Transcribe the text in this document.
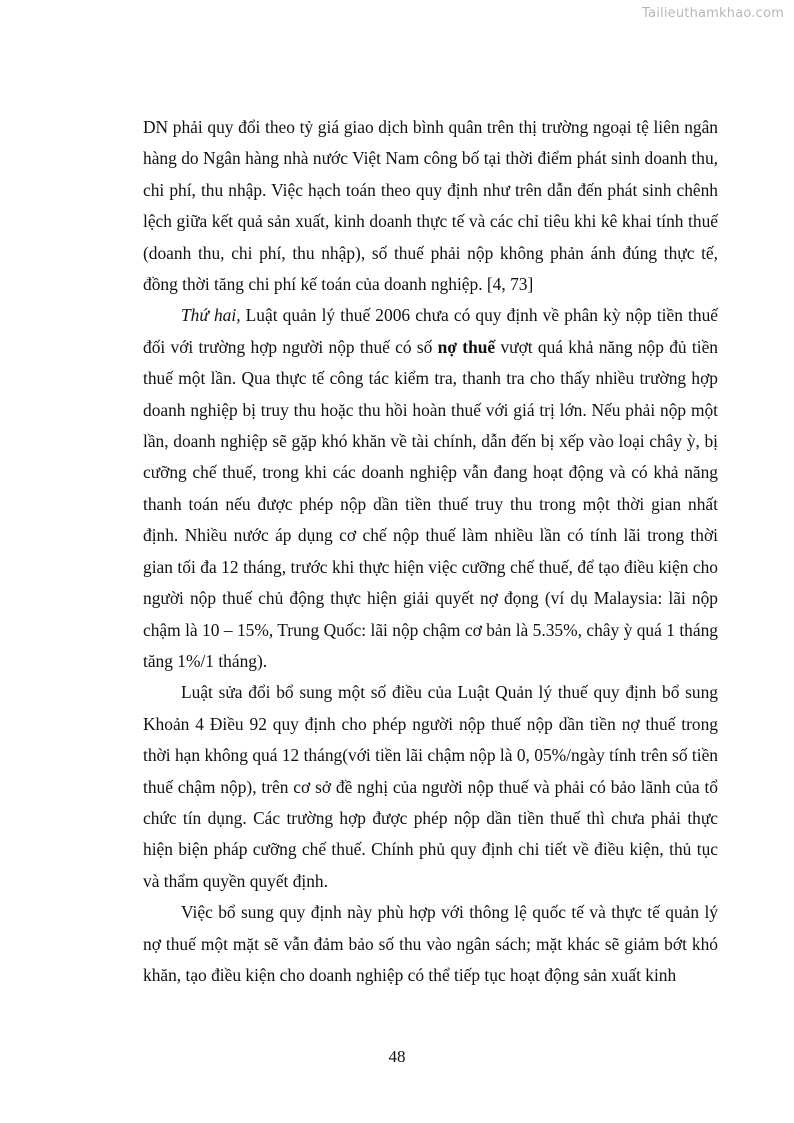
Tailieuthamkhao.com

DN phải quy đổi theo tỷ giá giao dịch bình quân trên thị trường ngoại tệ liên ngân hàng do Ngân hàng nhà nước Việt Nam công bố tại thời điểm phát sinh doanh thu, chi phí, thu nhập. Việc hạch toán theo quy định như trên dẫn đến phát sinh chênh lệch giữa kết quả sản xuất, kinh doanh thực tế và các chỉ tiêu khi kê khai tính thuế (doanh thu, chi phí, thu nhập), số thuế phải nộp không phản ánh đúng thực tế, đồng thời tăng chi phí kế toán của doanh nghiệp. [4, 73]

Thứ hai, Luật quản lý thuế 2006 chưa có quy định về phân kỳ nộp tiền thuế đối với trường hợp người nộp thuế có số nợ thuế vượt quá khả năng nộp đủ tiền thuế một lần. Qua thực tế công tác kiểm tra, thanh tra cho thấy nhiều trường hợp doanh nghiệp bị truy thu hoặc thu hồi hoàn thuế với giá trị lớn. Nếu phải nộp một lần, doanh nghiệp sẽ gặp khó khăn về tài chính, dẫn đến bị xếp vào loại chây ỳ, bị cưỡng chế thuế, trong khi các doanh nghiệp vẫn đang hoạt động và có khả năng thanh toán nếu được phép nộp dần tiền thuế truy thu trong một thời gian nhất định. Nhiều nước áp dụng cơ chế nộp thuế làm nhiều lần có tính lãi trong thời gian tối đa 12 tháng, trước khi thực hiện việc cưỡng chế thuế, để tạo điều kiện cho người nộp thuế chủ động thực hiện giải quyết nợ đọng (ví dụ Malaysia: lãi nộp chậm là 10 – 15%, Trung Quốc: lãi nộp chậm cơ bản là 5.35%, chây ỳ quá 1 tháng tăng 1%/1 tháng).

Luật sửa đổi bổ sung một số điều của Luật Quản lý thuế quy định bổ sung Khoản 4 Điều 92 quy định cho phép người nộp thuế nộp dần tiền nợ thuế trong thời hạn không quá 12 tháng(với tiền lãi chậm nộp là 0, 05%/ngày tính trên số tiền thuế chậm nộp), trên cơ sở đề nghị của người nộp thuế và phải có bảo lãnh của tổ chức tín dụng. Các trường hợp được phép nộp dần tiền thuế thì chưa phải thực hiện biện pháp cưỡng chế thuế. Chính phủ quy định chi tiết về điều kiện, thủ tục và thẩm quyền quyết định.

Việc bổ sung quy định này phù hợp với thông lệ quốc tế và thực tế quản lý nợ thuế một mặt sẽ vẫn đảm bảo số thu vào ngân sách; mặt khác sẽ giảm bớt khó khăn, tạo điều kiện cho doanh nghiệp có thể tiếp tục hoạt động sản xuất kinh

48
